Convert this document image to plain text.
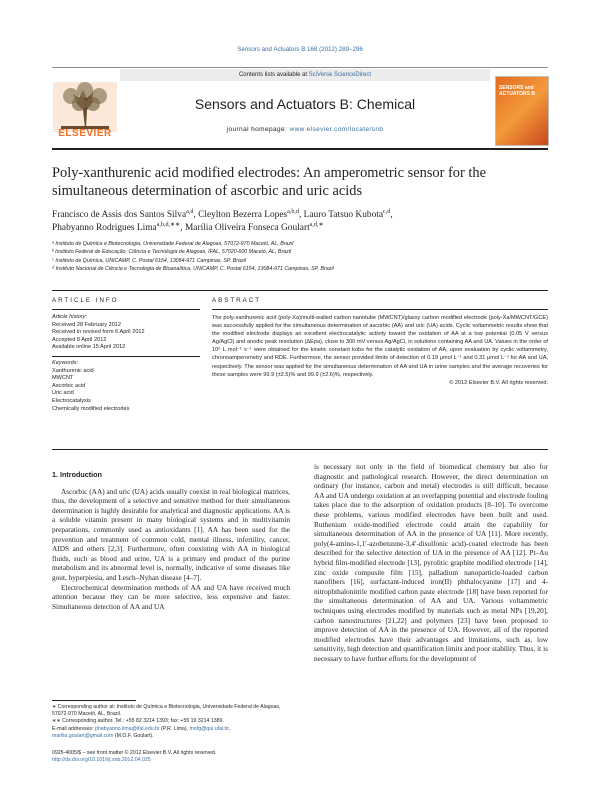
Sensors and Actuators B 168 (2012) 289–296
Contents lists available at SciVerse ScienceDirect
ELSEVIER
Sensors and Actuators B: Chemical
journal homepage: www.elsevier.com/locate/snb
SENSORS and ACTUATORS B
Poly-xanthurenic acid modified electrodes: An amperometric sensor for the
simultaneous determination of ascorbic and uric acids
Francisco de Assis dos Santos Silva$^{a,d}$, Cleylton Bezerra Lopes$^{a,b,d}$, Lauro Tatsuo Kubota$^{c,d}$,
Phabyanno Rodrigues Lima$^{a,b,d,∗∗}$, Marília Oliveira Fonseca Goulart$^{a,d,∗}$
ᵃ Instituto de Química e Biotecnologia, Universidade Federal de Alagoas, 57072-970 Maceió, AL, Brazil
ᵇ Instituto Federal de Educação, Ciência e Tecnologia de Alagoas, IFAL, 57020-600 Maceió, AL, Brazil
ᶜ Instituto de Química, UNICAMP, C. Postal 6154, 13084-971 Campinas, SP, Brazil
ᵈ Instituto Nacional de Ciência e Tecnologia de Bioanalítica, UNICAMP, C. Postal 6154, 13084-971 Campinas, SP, Brazil
ARTICLE INFO	ABSTRACT
Article history:
Received 28 February 2012
Received in revised form 6 April 2012
Accepted 8 April 2012
Available online 15 April 2012
Keywords:
Xanthurenic acid
MWCNT
Ascorbic acid
Uric acid
Electrocatalysis
Chemically modified electrodes
The poly-xanthurenic acid (poly-Xa)/multi-walled carbon nanotube (MWCNT)/glassy carbon modified electrode (poly-Xa/MWCNT/GCE) was successfully applied for the simultaneous determination of ascorbic (AA) and uric (UA) acids. Cyclic voltammetric results show that the modified electrode displays an excellent electrocatalytic activity toward the oxidation of AA at a low potential (0.05 V versus Ag/AgCl) and anodic peak resolution (ΔEpa), close to 300 mV versus Ag/AgCl, in solutions containing AA and UA. Values in the order of 10⁶ L mol⁻¹ s⁻¹ were obtained for the kinetic constant kobs for the catalytic oxidation of AA, upon evaluation by cyclic voltammetry, chronoamperometry and RDE. Furthermore, the sensor provided limits of detection of 0.19 μmol L⁻¹ and 0.31 μmol L⁻¹ for AA and UA, respectively. The sensor was applied for the simultaneous determination of AA and UA in urine samples and the average recoveries for these samples were 99.9 (±2.5)% and 99.9 (±2.6)%, respectively.
© 2012 Elsevier B.V. All rights reserved.
1. Introduction

Ascorbic (AA) and uric (UA) acids usually coexist in real biological matrices, thus, the development of a selective and sensitive method for their simultaneous determination is highly desirable for analytical and diagnostic applications. AA is a soluble vitamin present in many biological systems and in multivitamin preparations, commonly used as antioxidants [1]. AA has been used for the prevention and treatment of common cold, mental illness, infertility, cancer, AIDS and others [2,3]. Furthermore, often coexisting with AA in biological fluids, such as blood and urine, UA is a primary end product of the purine metabolism and its abnormal level is, normally, indicative of some diseases like gout, hyperpiesia, and Lesch–Nyhan disease [4–7].

Electrochemical determination methods of AA and UA have received much attention because they can be more selective, less expensive and faster. Simultaneous detection of AA and UA

is necessary not only in the field of biomedical chemistry but also for diagnostic and pathological research. However, the direct determination on ordinary (for instance, carbon and metal) electrodes is still difficult, because AA and UA undergo oxidation at an overlapping potential and electrode fouling takes place due to the adsorption of oxidation products [8–10]. To overcome these problems, various modified electrodes have been built and used. Ruthenium oxide-modified electrode could attain the capability for simultaneous determination of AA in the presence of UA [11]. More recently, poly(4-amino-1,1′-azobenzene-3,4′-disulfonic acid)-coated electrode has been described for the selective detection of UA in the presence of AA [12]. Pt–Au hybrid film-modified electrode [13], pyrolitic graphite modified electrode [14], zinc oxide composite film [15], palladium nanoparticle-loaded carbon nanofibers [16], surfactant-induced iron(II) phthalocyanine [17] and 4-nitrophthalonitrile modified carbon paste electrode [18] have been reported for the simultaneous determination of AA and UA. Various voltammetric techniques using electrodes modified by materials such as metal NPs [19,20], carbon nanostructures [21,22] and polymers [23] have been proposed to improve detection of AA in the presence of UA. However, all of the reported modified electrodes have their advantages and limitations, such as, low sensitivity, high detection and quantification limits and poor stability. Thus, it is necessary to have further efforts for the development of

∗ Corresponding author at: Instituto de Química e Biotecnologia, Universidade Federal de Alagoas, 57072-970 Maceió, AL, Brazil.
∗∗ Corresponding author. Tel.: +55 82 3214 1393; fax: +55 19 3214 1389.
E-mail addresses: phabyanno.lima@ifal.edu.br (P.R. Lima), mofg@qui.ufal.br,
marilia.goulart@gmail.com (M.O.F. Goulart).
0925-4005/$ – see front matter © 2012 Elsevier B.V. All rights reserved.
http://dx.doi.org/10.1016/j.snb.2012.04.025
